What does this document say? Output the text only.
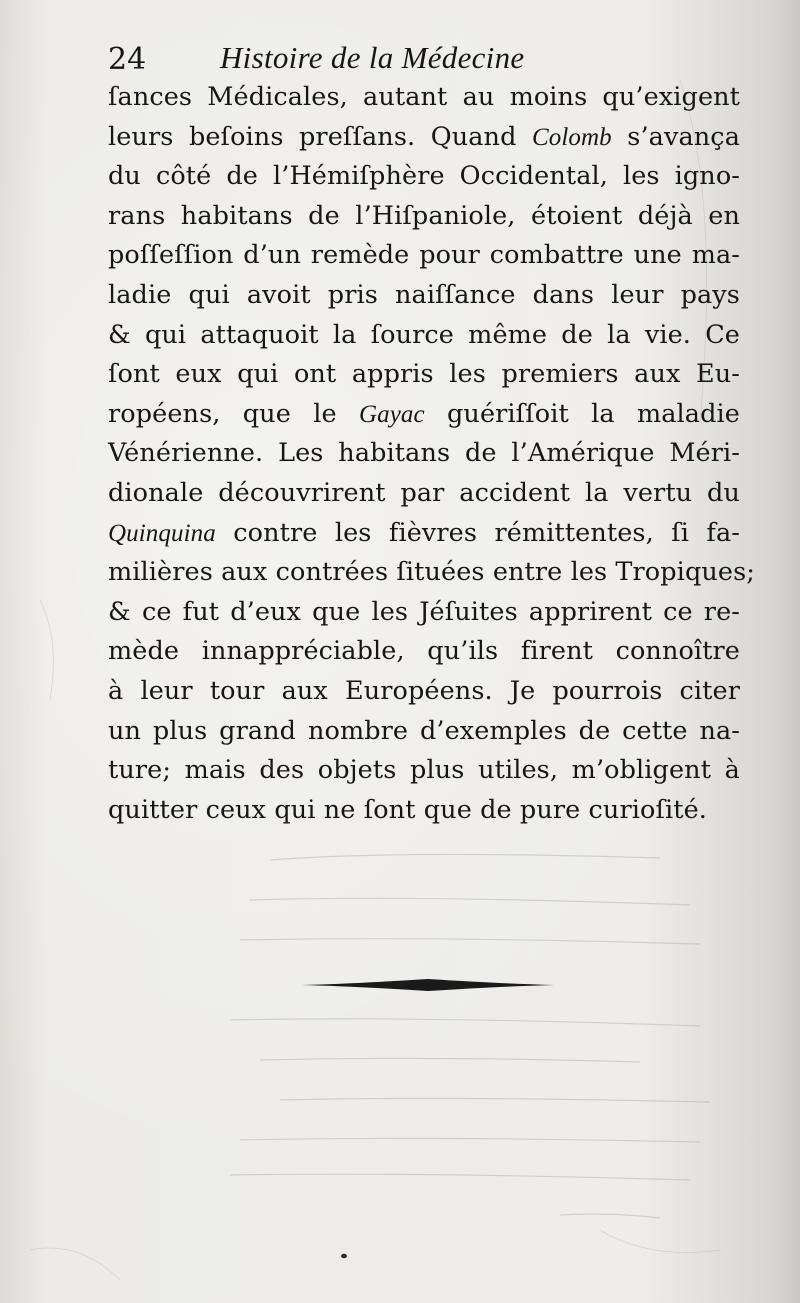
24 Histoire de la Médecine
ſances Médicales, autant au moins qu’exigent
leurs beſoins preſſans. Quand Colomb s’avança
du côté de l’Hémiſphère Occidental, les igno-
rans habitans de l’Hiſpaniole, étoient déjà en
poſſeſſion d’un remède pour combattre une ma-
ladie qui avoit pris naiſſance dans leur pays
& qui attaquoit la ſource même de la vie. Ce
ſont eux qui ont appris les premiers aux Eu-
ropéens, que le Gayac guériſſoit la maladie
Vénérienne. Les habitans de l’Amérique Méri-
dionale découvrirent par accident la vertu du
Quinquina contre les fièvres rémittentes, ſi fa-
milières aux contrées ſituées entre les Tropiques;
& ce fut d’eux que les Jéſuites apprirent ce re-
mède innappréciable, qu’ils firent connoître
à leur tour aux Européens. Je pourrois citer
un plus grand nombre d’exemples de cette na-
ture; mais des objets plus utiles, m’obligent à
quitter ceux qui ne ſont que de pure curioſité.
